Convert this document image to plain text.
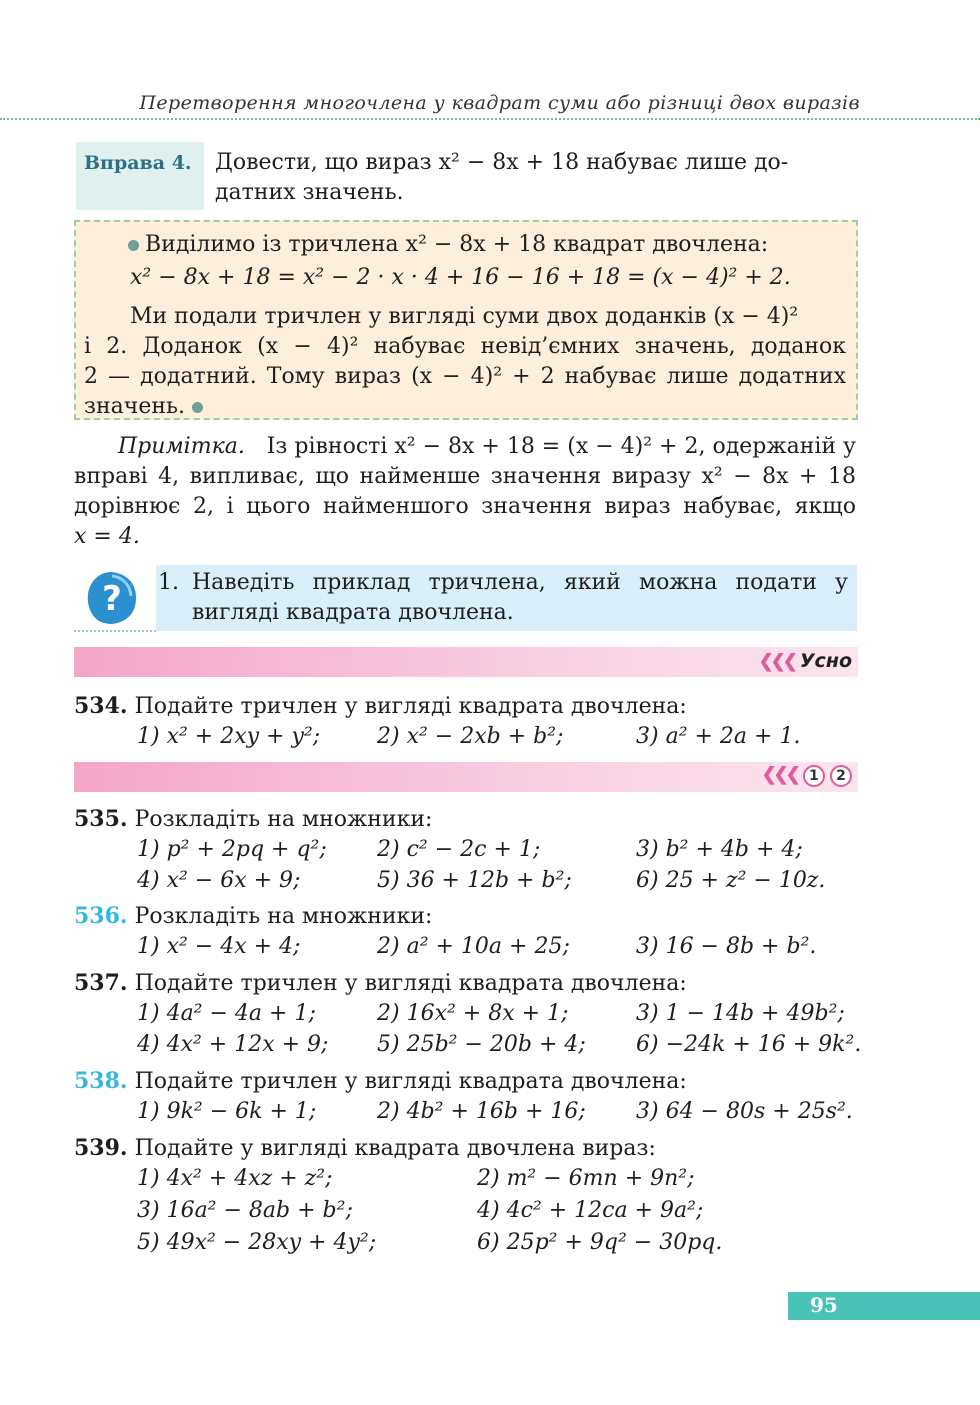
Перетворення многочлена у квадрат суми або різниці двох виразів
Вправа 4.	Довести, що вираз x² − 8x + 18 набуває лише до-
датних значень.
Виділимо із тричлена x² − 8x + 18 квадрат двочлена:
x² − 8x + 18 = x² − 2 · x · 4 + 16 − 16 + 18 = (x − 4)² + 2.
Ми подали тричлен у вигляді суми двох доданків (x − 4)²
і 2. Доданок (x − 4)² набуває невід’ємних значень, доданок
2 — додатний. Тому вираз (x − 4)² + 2 набуває лише додатних
значень.
Примітка. Із рівності x² − 8x + 18 = (x − 4)² + 2, одержаній у
вправі 4, випливає, що найменше значення виразу x² − 8x + 18
дорівнює 2, і цього найменшого значення вираз набуває, якщо
x = 4.
? 1. Наведіть приклад тричлена, який можна подати у
вигляді квадрата двочлена.
❮❮❮ Усно
534. Подайте тричлен у вигляді квадрата двочлена:
1) x² + 2xy + y²;	2) x² − 2xb + b²;	3) a² + 2a + 1.
❮❮❮ 1 2
535. Розкладіть на множники:
1) p² + 2pq + q²; 2) c² − 2c + 1;	3) b² + 4b + 4;
4) x² − 6x + 9;	5) 36 + 12b + b²;	6) 25 + z² − 10z.
536. Розкладіть на множники:
1) x² − 4x + 4;	2) a² + 10a + 25;	3) 16 − 8b + b².
537. Подайте тричлен у вигляді квадрата двочлена:
1) 4a² − 4a + 1;	2) 16x² + 8x + 1;	3) 1 − 14b + 49b²;
4) 4x² + 12x + 9; 5) 25b² − 20b + 4; 6) −24k + 16 + 9k².
538. Подайте тричлен у вигляді квадрата двочлена:
1) 9k² − 6k + 1;	2) 4b² + 16b + 16; 3) 64 − 80s + 25s².
539. Подайте у вигляді квадрата двочлена вираз:
1) 4x² + 4xz + z²;	2) m² − 6mn + 9n²;
3) 16a² − 8ab + b²;	4) 4c² + 12ca + 9a²;
5) 49x² − 28xy + 4y²;	6) 25p² + 9q² − 30pq.
95
